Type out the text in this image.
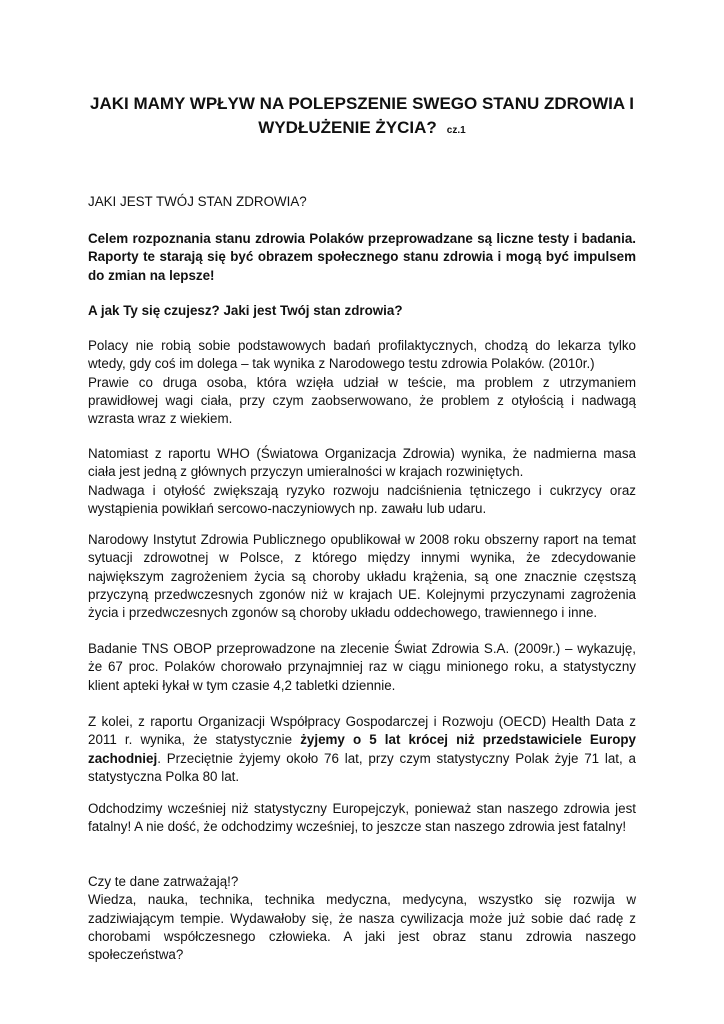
JAKI MAMY WPŁYW NA POLEPSZENIE SWEGO STANU ZDROWIA I
WYDŁUŻENIE ŻYCIA? cz.1

JAKI JEST TWÓJ STAN ZDROWIA?

Celem rozpoznania stanu zdrowia Polaków przeprowadzane są liczne testy i badania. Raporty te starają się być obrazem społecznego stanu zdrowia i mogą być impulsem do zmian na lepsze!

A jak Ty się czujesz? Jaki jest Twój stan zdrowia?

Polacy nie robią sobie podstawowych badań profilaktycznych, chodzą do lekarza tylko
wtedy, gdy coś im dolega – tak wynika z Narodowego testu zdrowia Polaków. (2010r.)
Prawie co druga osoba, która wzięła udział w teście, ma problem z utrzymaniem prawidłowej wagi ciała, przy czym zaobserwowano, że problem z otyłością i nadwagą wzrasta wraz z wiekiem.
Natomiast z raportu WHO (Światowa Organizacja Zdrowia) wynika, że nadmierna masa
ciała jest jedną z głównych przyczyn umieralności w krajach rozwiniętych.
Nadwaga i otyłość zwiększają ryzyko rozwoju nadciśnienia tętniczego i cukrzycy oraz wystąpienia powikłań sercowo-naczyniowych np. zawału lub udaru.

Narodowy Instytut Zdrowia Publicznego opublikował w 2008 roku obszerny raport na temat sytuacji zdrowotnej w Polsce, z którego między innymi wynika, że zdecydowanie największym zagrożeniem życia są choroby układu krążenia, są one znacznie częstszą przyczyną przedwczesnych zgonów niż w krajach UE. Kolejnymi przyczynami zagrożenia życia i przedwczesnych zgonów są choroby układu oddechowego, trawiennego i inne.

Badanie TNS OBOP przeprowadzone na zlecenie Świat Zdrowia S.A. (2009r.) – wykazuję, że 67 proc. Polaków chorowało przynajmniej raz w ciągu minionego roku, a statystyczny klient apteki łykał w tym czasie 4,2 tabletki dziennie.

Z kolei, z raportu Organizacji Współpracy Gospodarczej i Rozwoju (OECD) Health Data z 2011 r. wynika, że statystycznie żyjemy o 5 lat krócej niż przedstawiciele Europy zachodniej. Przeciętnie żyjemy około 76 lat, przy czym statystyczny Polak żyje 71 lat, a statystyczna Polka 80 lat.

Odchodzimy wcześniej niż statystyczny Europejczyk, ponieważ stan naszego zdrowia jest fatalny! A nie dość, że odchodzimy wcześniej, to jeszcze stan naszego zdrowia jest fatalny!

Czy te dane zatrważają!?
Wiedza, nauka, technika, technika medyczna, medycyna, wszystko się rozwija w zadziwiającym tempie. Wydawałoby się, że nasza cywilizacja może już sobie dać radę z chorobami współczesnego człowieka. A jaki jest obraz stanu zdrowia naszego społeczeństwa?
